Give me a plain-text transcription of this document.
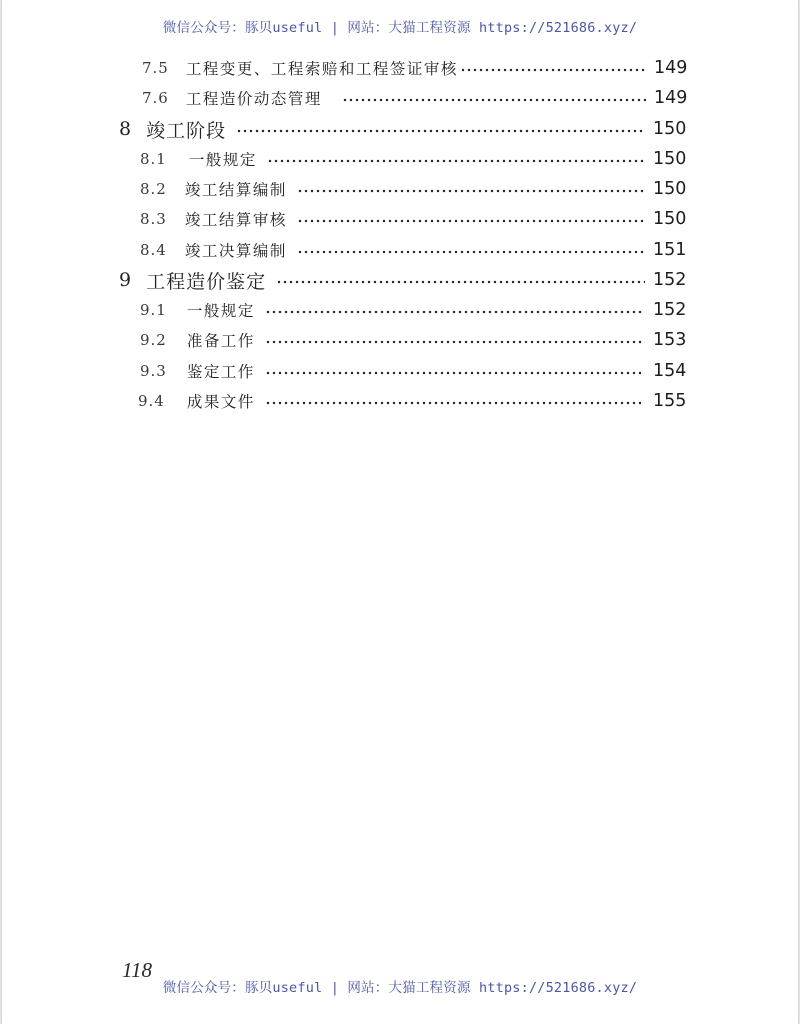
微信公众号：豚贝useful | 网站：大猫工程资源 https://521686.xyz/
7.5 工程变更、工程索赔和工程签证审核	149
7.6 工程造价动态管理	149
8 竣工阶段	150
8.1 一般规定	150
8.2 竣工结算编制	150
8.3 竣工结算审核	150
8.4 竣工决算编制	151
9 工程造价鉴定	152
9.1 一般规定	152
9.2 准备工作	153
9.3 鉴定工作	154
9.4 成果文件	155
118
微信公众号：豚贝useful | 网站：大猫工程资源 https://521686.xyz/
